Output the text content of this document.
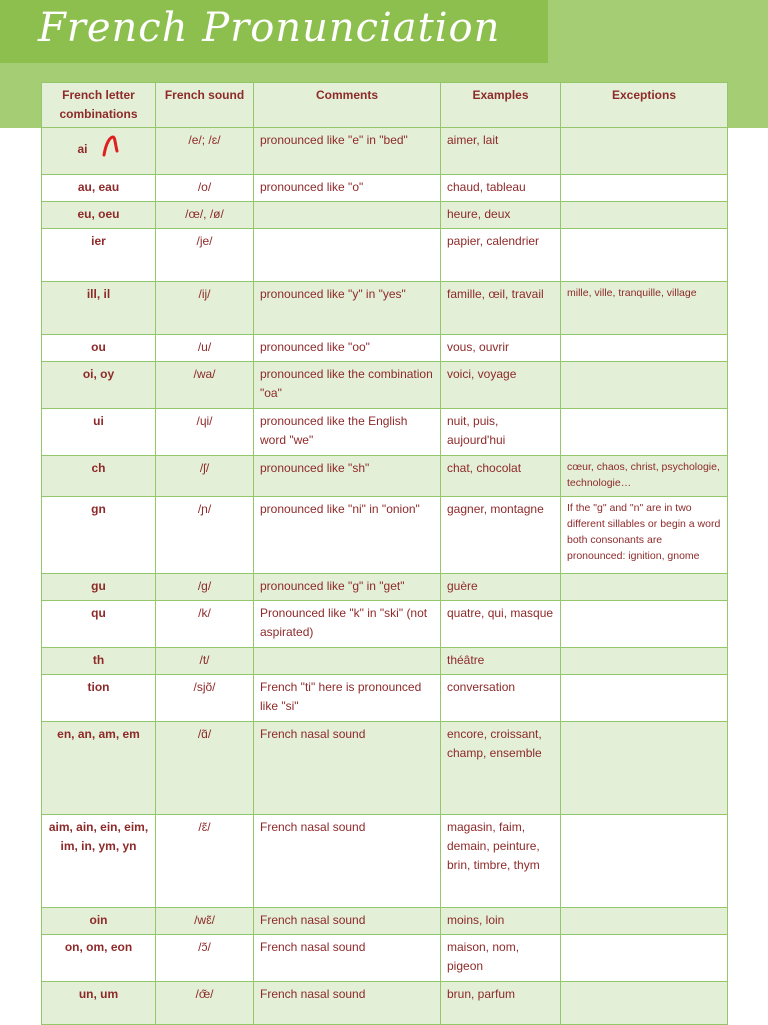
French Pronunciation
French letter combinations	French sound	Comments	Examples	Exceptions
ai	/e/; /ɛ/	pronounced like "e" in "bed"	aimer, lait	
au, eau	/o/	pronounced like "o"	chaud, tableau	
eu, oeu	/œ/, /ø/		heure, deux	
ier	/je/		papier, calendrier	
ill, il	/ij/	pronounced like "y" in "yes"	famille, œil, travail	mille, ville, tranquille, village
ou	/u/	pronounced like "oo"	vous, ouvrir	
oi, oy	/wa/	pronounced like the combination "oa"	voici, voyage	
ui	/ɥi/	pronounced like the English word "we"	nuit, puis, aujourd'hui	
ch	/ʃ/	pronounced like "sh"	chat, chocolat	cœur, chaos, christ, psychologie, technologie…
gn	/ɲ/	pronounced like "ni" in "onion"	gagner, montagne	If the "g" and "n" are in two different sillables or begin a word both consonants are pronounced: ignition, gnome
gu	/g/	pronounced like "g" in "get"	guère	
qu	/k/	Pronounced like "k" in "ski" (not aspirated)	quatre, qui, masque	
th	/t/		théâtre	
tion	/sjõ/	French "ti" here is pronounced like "si"	conversation	
en, an, am, em	/ɑ̃/	French nasal sound	encore, croissant, champ, ensemble	
aim, ain, ein, eim, im, in, ym, yn	/ɛ̃/	French nasal sound	magasin, faim, demain, peinture, brin, timbre, thym	
oin	/wɛ̃/	French nasal sound	moins, loin	
on, om, eon	/ɔ̃/	French nasal sound	maison, nom, pigeon	
un, um	/œ̃/	French nasal sound	brun, parfum	
